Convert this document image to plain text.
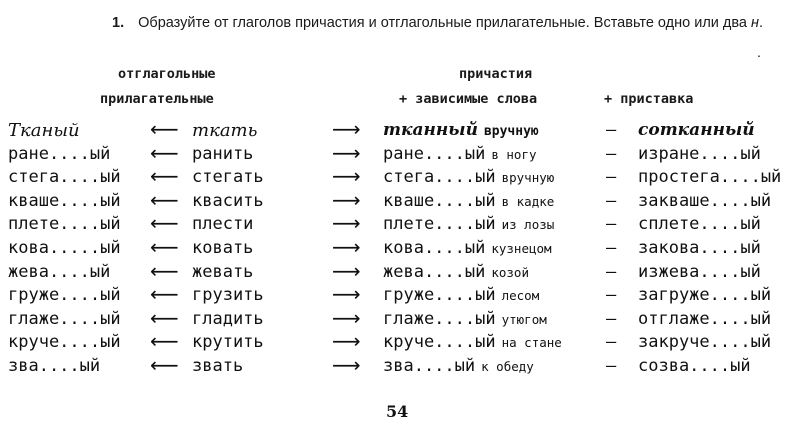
1. Образуйте от глаголов причастия и отглагольные прилагательные. Вставьте одно или два н.
.
отглагольные
прилагательные
причастия
+ зависимые слова	+ приставка
Тканый	⟵ ткать	⟶ тканный вручную	— сотканный
ране....ый ⟵ ранить	⟶ ране....ый в ногу	— изране....ый
стега....ый ⟵ стегать	⟶ стега....ый вручную	— простега....ый
кваше....ый ⟵ квасить	⟶ кваше....ый в кадке	— закваше....ый
плете....ый ⟵ плести	⟶ плете....ый из лозы	— сплете....ый
кова.....ый ⟵ ковать	⟶ кова....ый кузнецом	— закова....ый
жева....ый ⟵ жевать	⟶ жева....ый козой	— изжева....ый
груже....ый ⟵ грузить	⟶ груже....ый лесом	— загруже....ый
глаже....ый ⟵ гладить	⟶ глаже....ый утюгом	— отглаже....ый
круче....ый ⟵ крутить	⟶ круче....ый на стане	— закруче....ый
зва....ый ⟵ звать	⟶ зва....ый к обеду	— созва....ый
54
